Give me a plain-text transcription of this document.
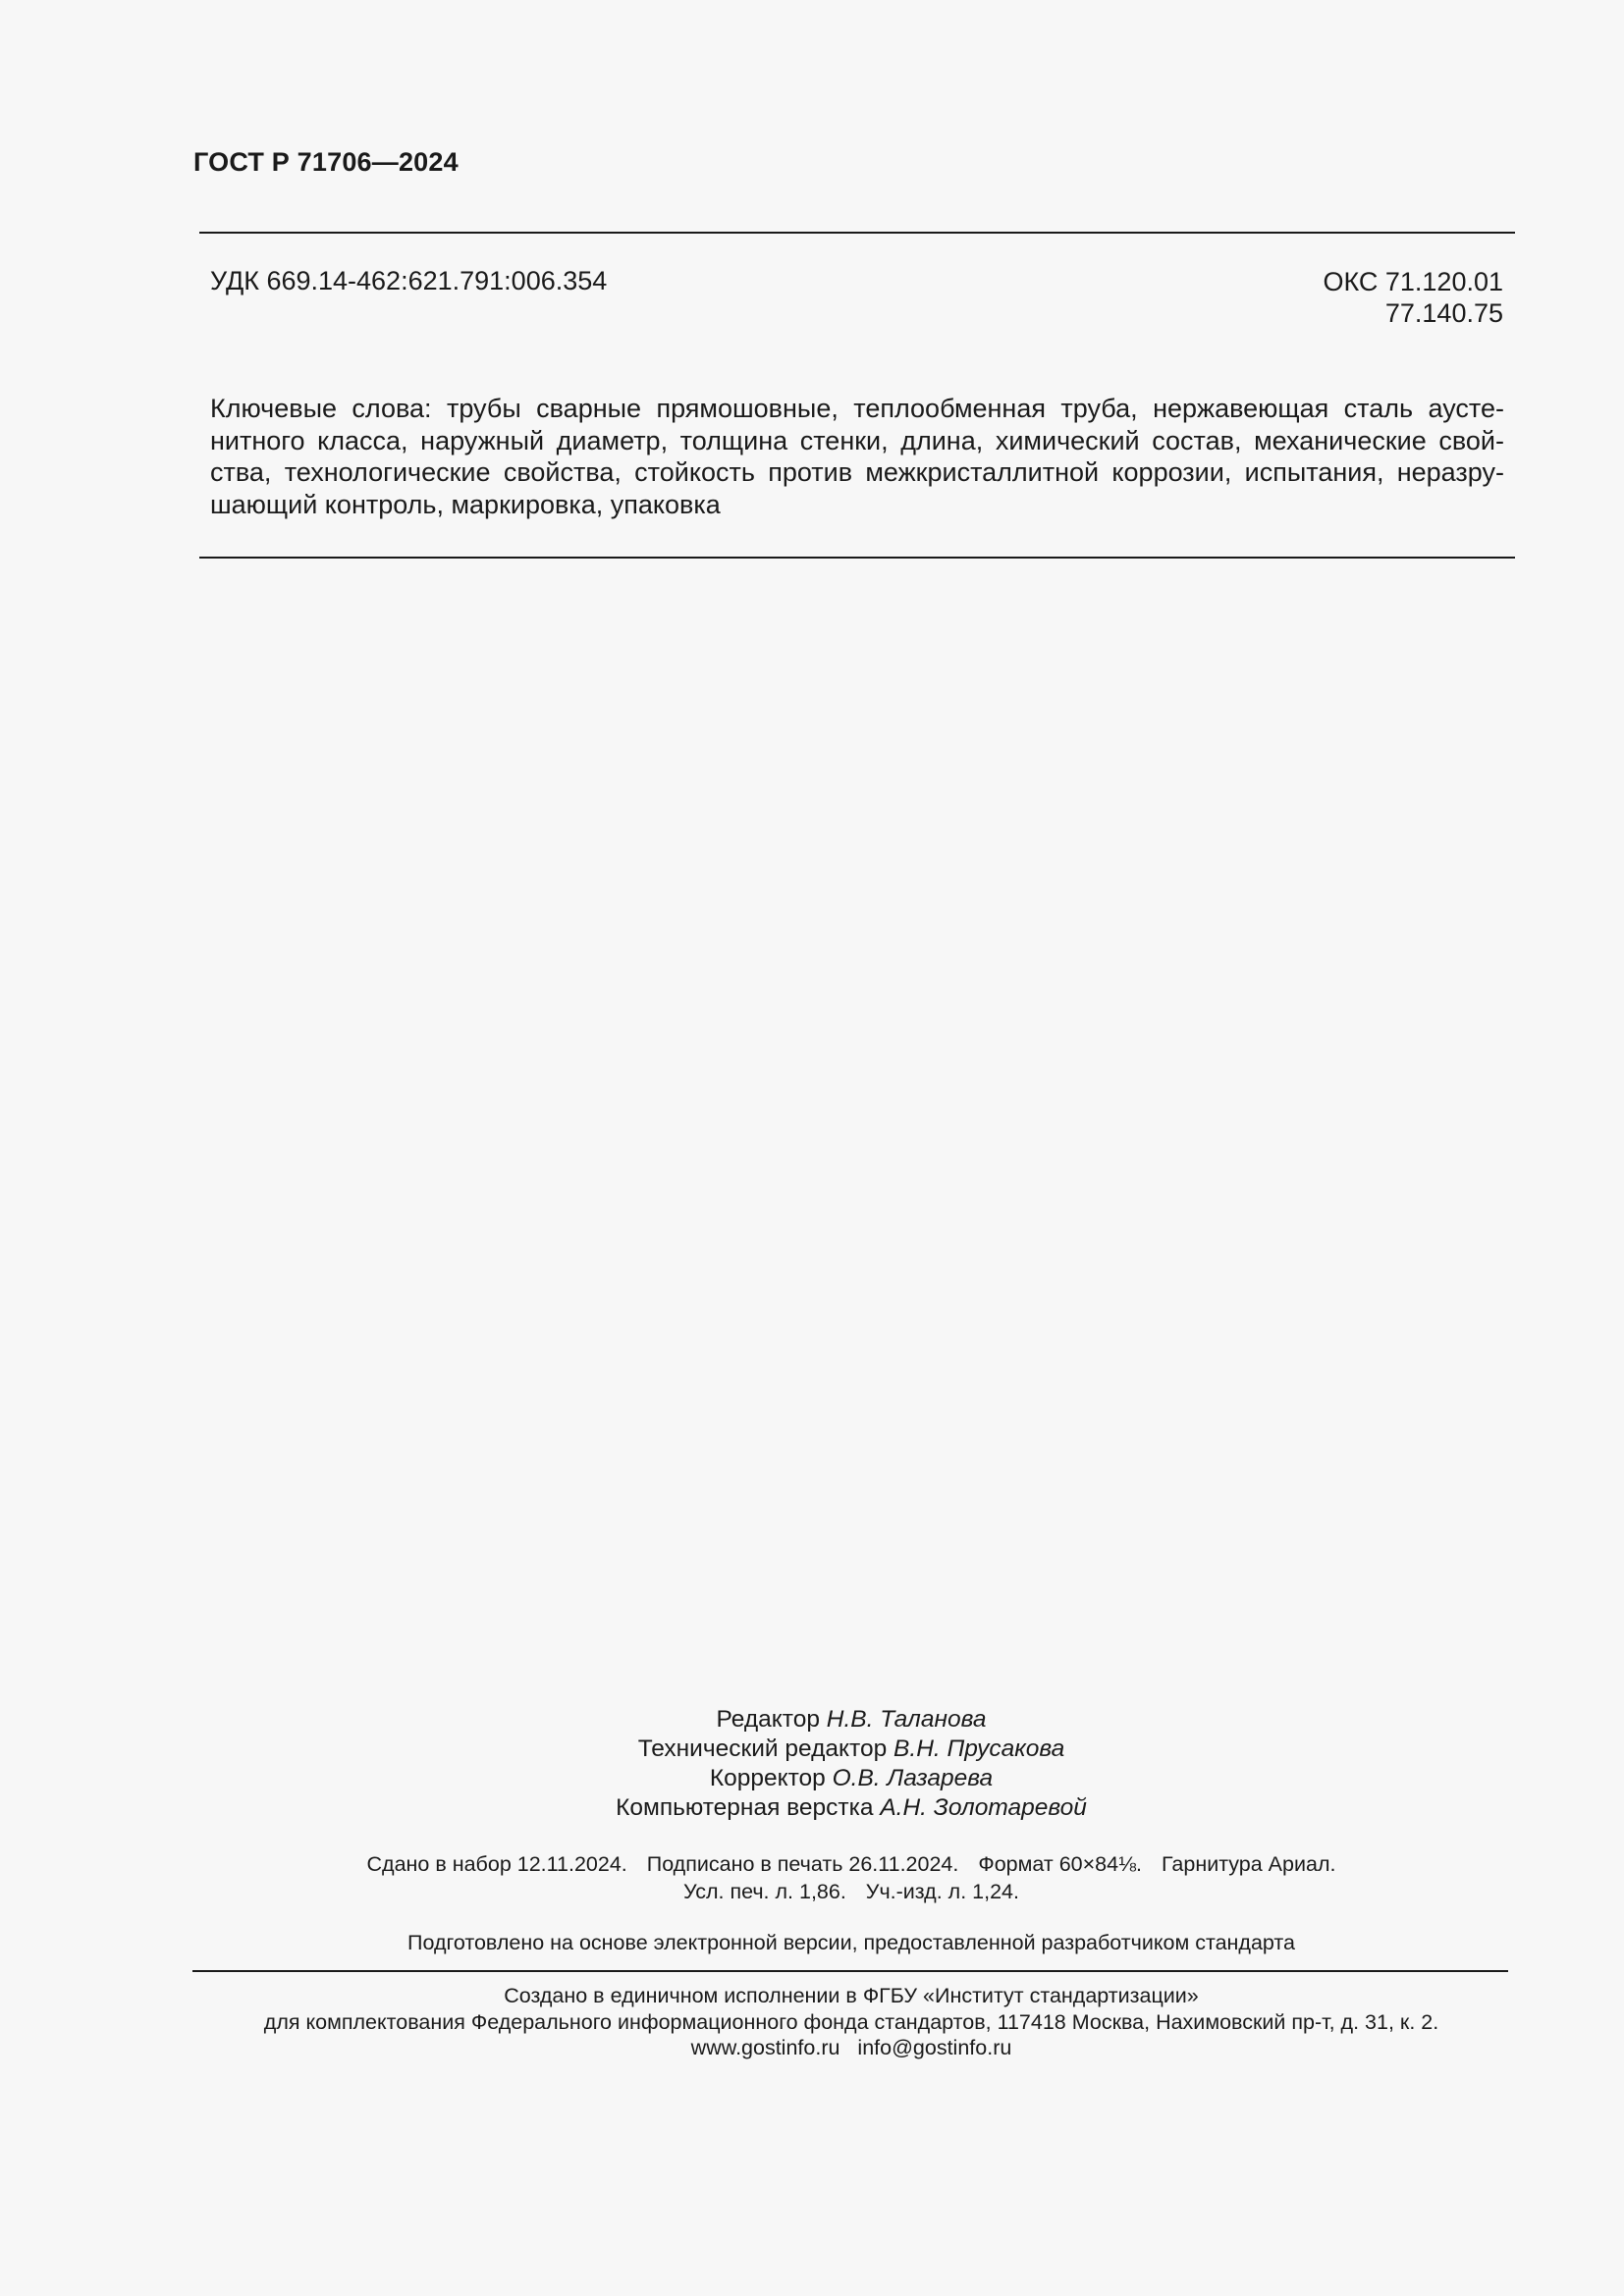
ГОСТ Р 71706—2024
УДК 669.14-462:621.791:006.354	ОКС 71.120.01
77.140.75
Ключевые слова: трубы сварные прямошовные, теплообменная труба, нержавеющая сталь аустенитного класса, наружный диаметр, толщина стенки, длина, химический состав, механические свойства, технологические свойства, стойкость против межкристаллитной коррозии, испытания, неразрушающий контроль, маркировка, упаковка
Редактор Н.В. Таланова
Технический редактор В.Н. Прусакова
Корректор О.В. Лазарева
Компьютерная верстка А.Н. Золотаревой
Сдано в набор 12.11.2024. Подписано в печать 26.11.2024. Формат 60×84⅛. Гарнитура Ариал.
Усл. печ. л. 1,86. Уч.-изд. л. 1,24.
Подготовлено на основе электронной версии, предоставленной разработчиком стандарта
Создано в единичном исполнении в ФГБУ «Институт стандартизации»
для комплектования Федерального информационного фонда стандартов, 117418 Москва, Нахимовский пр-т, д. 31, к. 2.
www.gostinfo.ru info@gostinfo.ru
